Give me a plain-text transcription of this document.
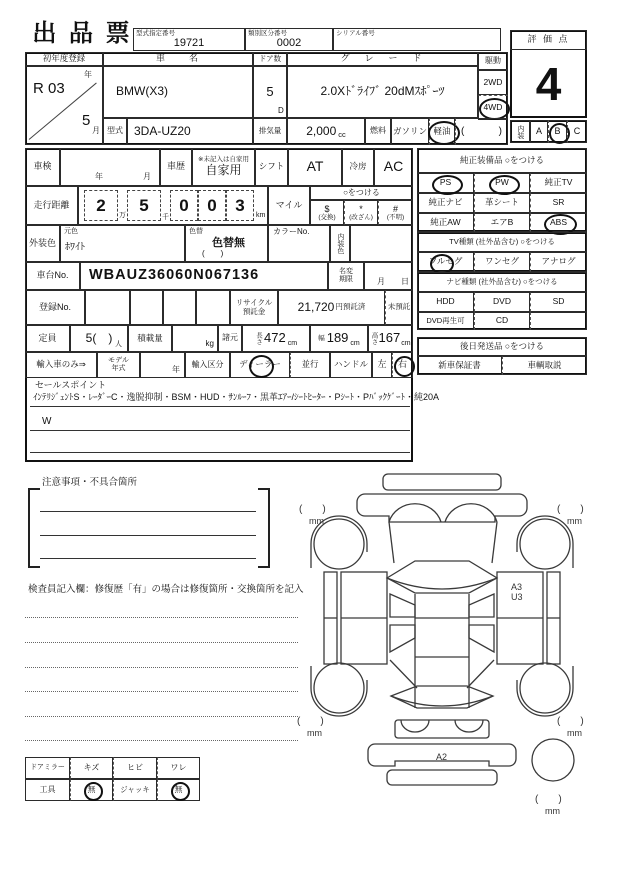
出 品 票 型式指定番号
19721
類別区分番号
0002
シリアル番号
初年度登録
年
R 03
5
月
車　　名
BMW(X3)
型式 3DA-UZ20
ドア数
5
D
排気量	2,000 cc
グ　レ　ー　ド
2.0Xﾄﾞﾗｲﾌﾞ 20dMｽﾎﾟｰﾂ
駆動
2WD
4WD
燃料 ガソリン 軽油	(	)
評 価 点
4
内装	A	B	C
車検
年	月
車歴
※未記入は自家用
自家用	シフト	AT	冷房	AC
走行距離	2
万
5
千
0	0	3
km
マイル
○をつける
$
(交換)
*
(改ざん)
#
(不明)
外装色
元色
ﾎﾜｲﾄ
色替
色替無
(　　)
カラーNo.
内装色
車台No.	WBAUZ36060N067136	名変
期限	月 日
登録No.	リサイクル
預託金	21,720 円預託済	未預託
定員	5(　) 人
積載量
kg
諸元	長さ 472 cm
幅 189 cm 高さ 167 cm
輸入車のみ⇒	モデル
年式	年
輸入区分	ディーラー	並行	ハンドル	左	右
セールスポイント
ｲﾝﾃﾘｼﾞｪﾝﾄS・ﾚｰﾀﾞｰC・逸脱抑制・BSM・HUD・ｻﾝﾙｰﾌ・黒革ｴｱｰ/ｼｰﾄﾋｰﾀｰ・Pｼｰﾄ・Pﾊﾞｯｸｹﾞｰﾄ・純20A
W
純正装備品 ○をつける
PS	PW	純正TV
純正ナビ	革シート	SR
純正AW	エアB	ABS
TV種類 (社外品含む) ○をつける
フルセグ	ワンセグ	アナログ
ナビ種類 (社外品含む) ○をつける
HDD	DVD	SD
DVD再生可	CD
後日発送品 ○をつける
新車保証書	車輌取説
注意事項・不具合箇所
検査員記入欄：修復歴「有」の場合は修復箇所・交換箇所を記入
ドアミラー	キズ	ヒビ	ワレ
工具	無	ジャッキ	無
(　　)
mm
(　　)
mm
(　　)
mm
(　　)
mm
(　　)
mm
A3
U3
A2
